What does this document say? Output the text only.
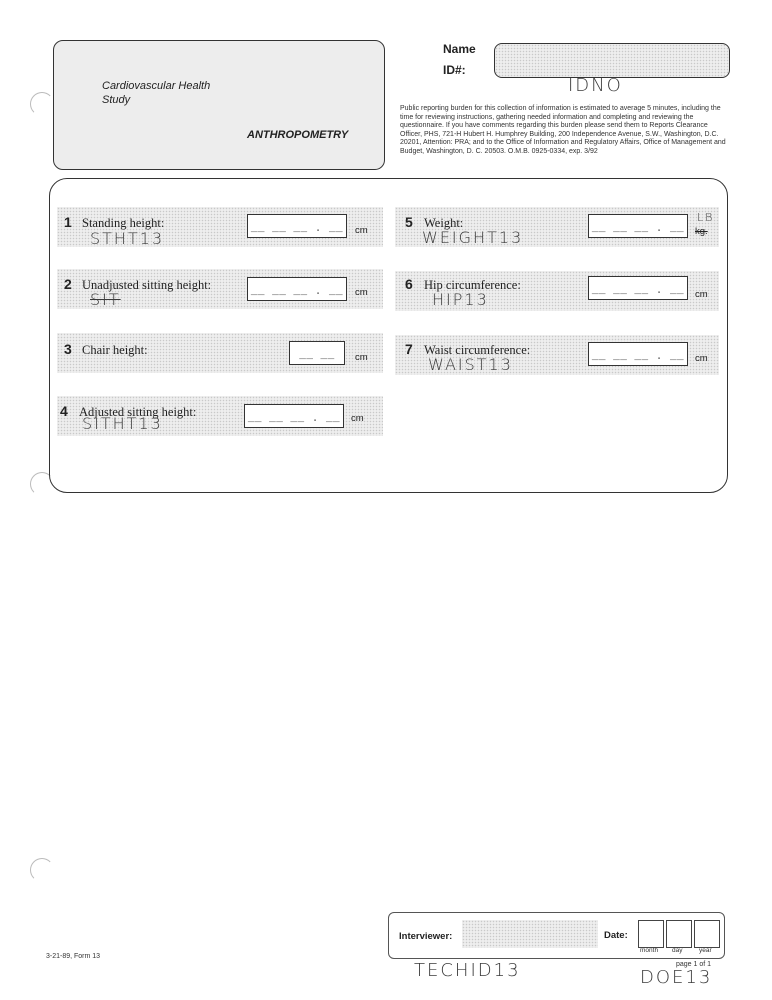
Cardiovascular Health Study
ANTHROPOMETRY
Name
ID#:
IDNO
Public reporting burden for this collection of information is estimated to average 5 minutes, including the time for reviewing instructions, gathering needed information and completing and reviewing the questionnaire. If you have comments regarding this burden please send them to Reports Clearance Officer, PHS, 721-H Hubert H. Humphrey Building, 200 Independence Avenue, S.W., Washington, D.C. 20201, Attention: PRA; and to the Office of Information and Regulatory Affairs, Office of Management and Budget, Washington, D. C. 20503. O.M.B. 0925-0334, exp. 3/92
1 Standing height:	__ __ __ . __	cm
STHT13
2 Unadjusted sitting height:	__ __ __ . __	cm
SIT
3 Chair height:	__ __	cm
4 Adjusted sitting height:	__ __ __ . __	cm
SITHT13
5 Weight:	__ __ __ . __	kg.
LB
WEIGHT13
6 Hip circumference:	__ __ __ . __	cm
HIP13
7 Waist circumference:	__ __ __ . __	cm
WAIST13
Interviewer:	Date:
month day	year
page 1 of 1
3-21-89, Form 13
TECHID13	DOE13
